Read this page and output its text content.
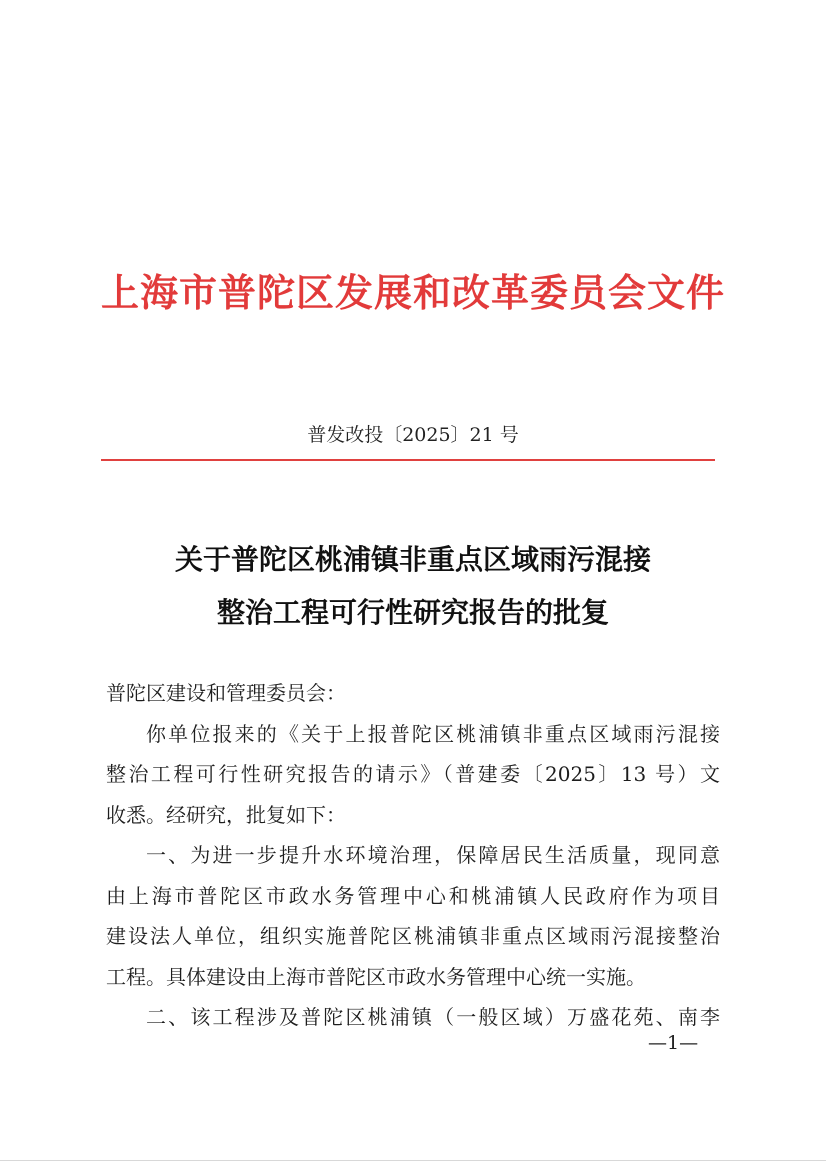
上海市普陀区发展和改革委员会文件
普发改投〔2025〕21 号
关于普陀区桃浦镇非重点区域雨污混接
整治工程可行性研究报告的批复
普陀区建设和管理委员会：
你单位报来的《关于上报普陀区桃浦镇非重点区域雨污混接
整治工程可行性研究报告的请示》（普建委〔2025〕13 号）文
收悉。经研究，批复如下：
一、为进一步提升水环境治理，保障居民生活质量，现同意
由上海市普陀区市政水务管理中心和桃浦镇人民政府作为项目
建设法人单位，组织实施普陀区桃浦镇非重点区域雨污混接整治
工程。具体建设由上海市普陀区市政水务管理中心统一实施。
二、该工程涉及普陀区桃浦镇（一般区域）万盛花苑、南李
—1—
